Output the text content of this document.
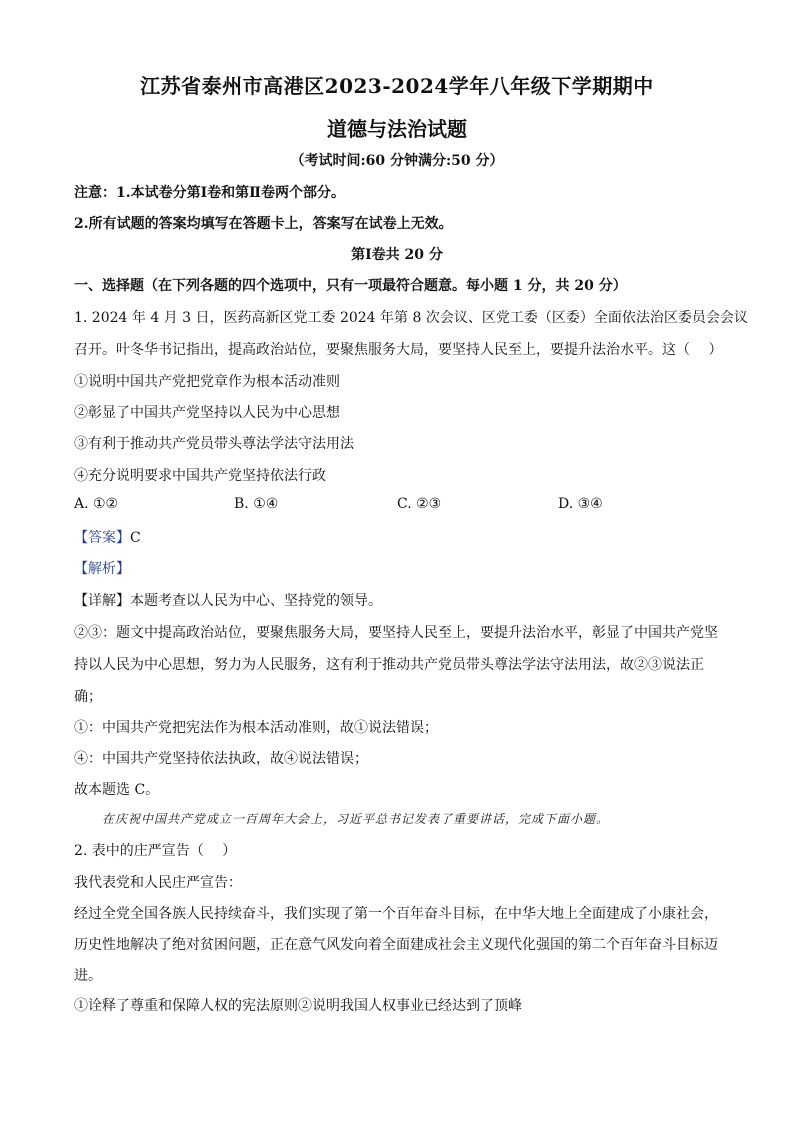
江苏省泰州市高港区2023-2024学年八年级下学期期中
道德与法治试题
（考试时间:60 分钟满分:50 分）
注意：1.本试卷分第Ⅰ卷和第Ⅱ卷两个部分。
2.所有试题的答案均填写在答题卡上，答案写在试卷上无效。
第Ⅰ卷共 20 分
一、选择题（在下列各题的四个选项中，只有一项最符合题意。每小题 1 分，共 20 分）
1. 2024 年 4 月 3 日，医药高新区党工委 2024 年第 8 次会议、区党工委（区委）全面依法治区委员会会议
召开。叶冬华书记指出，提高政治站位，要聚焦服务大局，要坚持人民至上，要提升法治水平。这（　 ）
①说明中国共产党把党章作为根本活动准则
②彰显了中国共产党坚持以人民为中心思想
③有利于推动共产党员带头尊法学法守法用法
④充分说明要求中国共产党坚持依法行政
A. ①②	B. ①④	C. ②③	D. ③④
【答案】C
【解析】
【详解】本题考查以人民为中心、坚持党的领导。
②③：题文中提高政治站位，要聚焦服务大局，要坚持人民至上，要提升法治水平，彰显了中国共产党坚
持以人民为中心思想，努力为人民服务，这有利于推动共产党员带头尊法学法守法用法，故②③说法正
确；
①：中国共产党把宪法作为根本活动准则，故①说法错误；
④：中国共产党坚持依法执政，故④说法错误；
故本题选 C。
在庆祝中国共产党成立一百周年大会上，习近平总书记发表了重要讲话，完成下面小题。
2. 表中的庄严宣告（　 ）
我代表党和人民庄严宣告：
经过全党全国各族人民持续奋斗，我们实现了第一个百年奋斗目标，在中华大地上全面建成了小康社会，
历史性地解决了绝对贫困问题，正在意气风发向着全面建成社会主义现代化强国的第二个百年奋斗目标迈
进。
①诠释了尊重和保障人权的宪法原则②说明我国人权事业已经达到了顶峰
